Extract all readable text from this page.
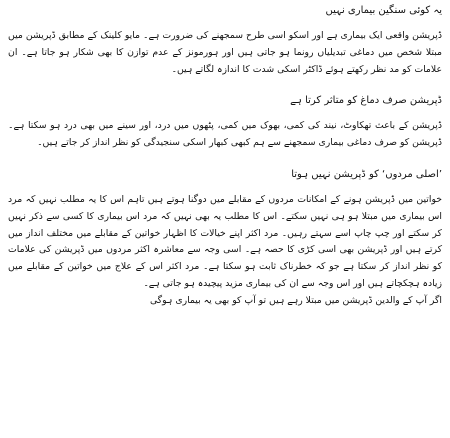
یہ کوئی سنگین بیماری نہیں

ڈپریشن واقعی ایک بیماری ہے اور اسکو اسی طرح سمجھنے کی ضرورت ہے۔ مایو کلینک کے مطابق ڈپریشن میں مبتلا شخص میں دماغی تبدیلیاں رونما ہو جاتی ہیں اور ہورمونز کے عدم توازن کا بھی شکار ہو جاتا ہے۔ ان علامات کو مد نظر رکھتے ہوئے ڈاکٹر اسکی شدت کا اندازہ لگاتے ہیں۔

ڈپریشن صرف دماغ کو متاثر کرتا ہے

ڈپریشن کے باعث تھکاوٹ، نیند کی کمی، بھوک میں کمی، پٹھوں میں درد، اور سینے میں بھی درد ہو سکتا ہے۔ ڈپریشن کو صرف دماغی بیماری سمجھنے سے ہم کبھی کبھار اسکی سنجیدگی کو نظر انداز کر جاتے ہیں۔

’اصلی مردوں‘ کو ڈپریشن نہیں ہوتا

خواتین میں ڈپریشن ہونے کے امکانات مردوں کے مقابلے میں دوگنا ہوتے ہیں تاہم اس کا یہ مطلب نہیں کہ مرد اس بیماری میں مبتلا ہو ہی نہیں سکتے۔ اس کا مطلب یہ بھی نہیں کہ مرد اس بیماری کا کسی سے ذکر نہیں کر سکتے اور چپ چاپ اسے سہتے رہیں۔ مرد اکثر اپنے خیالات کا اظہار خواتین کے مقابلے میں مختلف انداز میں کرتے ہیں اور ڈپریشن بھی اسی کڑی کا حصہ ہے۔ اسی وجہ سے معاشرہ اکثر مردوں میں ڈپریشن کی علامات کو نظر انداز کر سکتا ہے جو کہ خطرناک ثابت ہو سکتا ہے۔ مرد اکثر اس کے علاج میں خواتین کے مقابلے میں زیادہ ہچکچاتے ہیں اور اس وجہ سے ان کی بیماری مزید پیچیدہ ہو جاتی ہے۔

اگر آپ کے والدین ڈپریشن میں مبتلا رہے ہیں تو آپ کو بھی یہ بیماری ہوگی
